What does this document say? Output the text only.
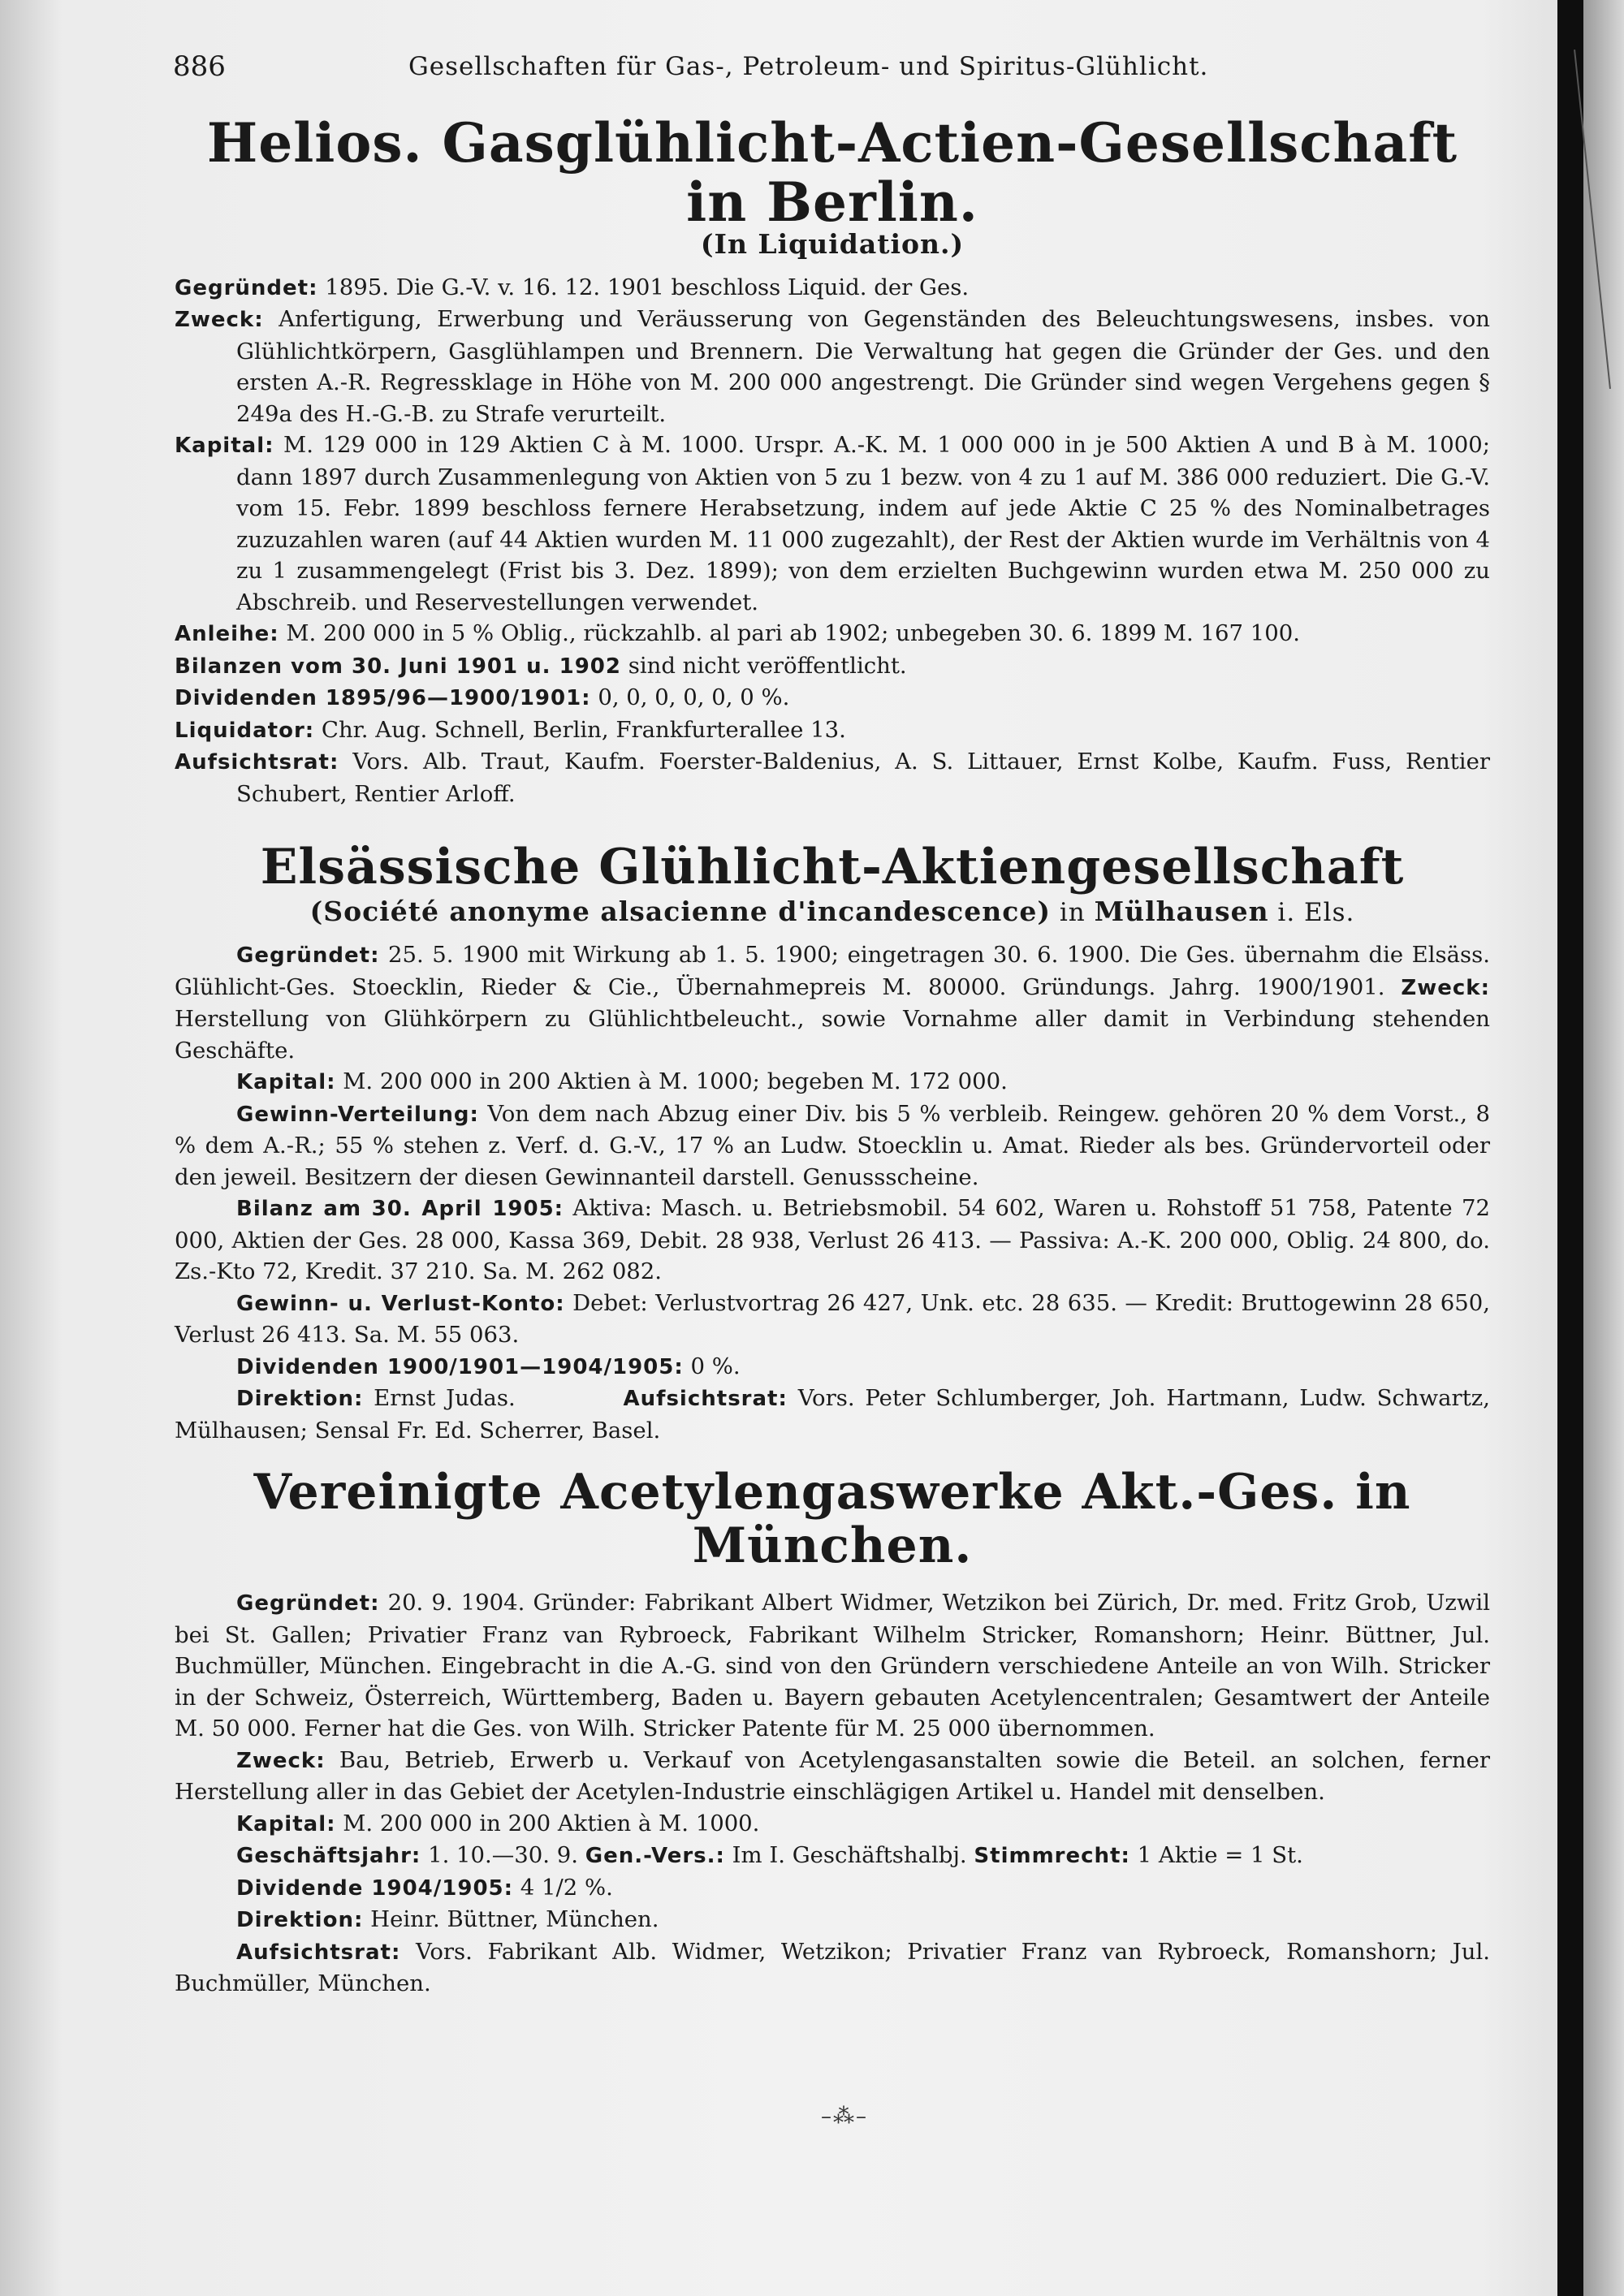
886	Gesellschaften für Gas-, Petroleum- und Spiritus-Glühlicht.
Helios. Gasglühlicht-Actien-Gesellschaft in Berlin.
(In Liquidation.)

Gegründet: 1895. Die G.-V. v. 16. 12. 1901 beschloss Liquid. der Ges.

Zweck: Anfertigung, Erwerbung und Veräusserung von Gegenständen des Beleuchtungswesens, insbes. von Glühlichtkörpern, Gasglühlampen und Brennern. Die Verwaltung hat gegen die Gründer der Ges. und den ersten A.-R. Regressklage in Höhe von M. 200 000 angestrengt. Die Gründer sind wegen Vergehens gegen § 249a des H.-G.-B. zu Strafe verurteilt.

Kapital: M. 129 000 in 129 Aktien C à M. 1000. Urspr. A.-K. M. 1 000 000 in je 500 Aktien A und B à M. 1000; dann 1897 durch Zusammenlegung von Aktien von 5 zu 1 bezw. von 4 zu 1 auf M. 386 000 reduziert. Die G.-V. vom 15. Febr. 1899 beschloss fernere Herabsetzung, indem auf jede Aktie C 25 % des Nominalbetrages zuzuzahlen waren (auf 44 Aktien wurden M. 11 000 zugezahlt), der Rest der Aktien wurde im Verhältnis von 4 zu 1 zusammengelegt (Frist bis 3. Dez. 1899); von dem erzielten Buchgewinn wurden etwa M. 250 000 zu Abschreib. und Reservestellungen verwendet.

Anleihe: M. 200 000 in 5 % Oblig., rückzahlb. al pari ab 1902; unbegeben 30. 6. 1899 M. 167 100.

Bilanzen vom 30. Juni 1901 u. 1902 sind nicht veröffentlicht.

Dividenden 1895/96—1900/1901: 0, 0, 0, 0, 0, 0 %.

Liquidator: Chr. Aug. Schnell, Berlin, Frankfurterallee 13.

Aufsichtsrat: Vors. Alb. Traut, Kaufm. Foerster-Baldenius, A. S. Littauer, Ernst Kolbe, Kaufm. Fuss, Rentier Schubert, Rentier Arloff.

Elsässische Glühlicht-Aktiengesellschaft
(Société anonyme alsacienne d'incandescence) in Mülhausen i. Els.

Gegründet: 25. 5. 1900 mit Wirkung ab 1. 5. 1900; eingetragen 30. 6. 1900. Die Ges. übernahm die Elsäss. Glühlicht-Ges. Stoecklin, Rieder & Cie., Übernahmepreis M. 80000. Gründungs. Jahrg. 1900/1901. Zweck: Herstellung von Glühkörpern zu Glühlichtbeleucht., sowie Vornahme aller damit in Verbindung stehenden Geschäfte.

Kapital: M. 200 000 in 200 Aktien à M. 1000; begeben M. 172 000.

Gewinn-Verteilung: Von dem nach Abzug einer Div. bis 5 % verbleib. Reingew. gehören 20 % dem Vorst., 8 % dem A.-R.; 55 % stehen z. Verf. d. G.-V., 17 % an Ludw. Stoecklin u. Amat. Rieder als bes. Gründervorteil oder den jeweil. Besitzern der diesen Gewinnanteil darstell. Genussscheine.

Bilanz am 30. April 1905: Aktiva: Masch. u. Betriebsmobil. 54 602, Waren u. Rohstoff 51 758, Patente 72 000, Aktien der Ges. 28 000, Kassa 369, Debit. 28 938, Verlust 26 413. — Passiva: A.-K. 200 000, Oblig. 24 800, do. Zs.-Kto 72, Kredit. 37 210. Sa. M. 262 082.

Gewinn- u. Verlust-Konto: Debet: Verlustvortrag 26 427, Unk. etc. 28 635. — Kredit: Bruttogewinn 28 650, Verlust 26 413. Sa. M. 55 063.

Dividenden 1900/1901—1904/1905: 0 %.

Direktion: Ernst Judas.	Aufsichtsrat: Vors. Peter Schlumberger, Joh. Hartmann, Ludw. Schwartz, Mülhausen; Sensal Fr. Ed. Scherrer, Basel.

Vereinigte Acetylengaswerke Akt.-Ges. in München.

Gegründet: 20. 9. 1904. Gründer: Fabrikant Albert Widmer, Wetzikon bei Zürich, Dr. med. Fritz Grob, Uzwil bei St. Gallen; Privatier Franz van Rybroeck, Fabrikant Wilhelm Stricker, Romanshorn; Heinr. Büttner, Jul. Buchmüller, München. Eingebracht in die A.-G. sind von den Gründern verschiedene Anteile an von Wilh. Stricker in der Schweiz, Österreich, Württemberg, Baden u. Bayern gebauten Acetylencentralen; Gesamtwert der Anteile M. 50 000. Ferner hat die Ges. von Wilh. Stricker Patente für M. 25 000 übernommen.

Zweck: Bau, Betrieb, Erwerb u. Verkauf von Acetylengasanstalten sowie die Beteil. an solchen, ferner Herstellung aller in das Gebiet der Acetylen-Industrie einschlägigen Artikel u. Handel mit denselben.

Kapital: M. 200 000 in 200 Aktien à M. 1000.

Geschäftsjahr: 1. 10.—30. 9. Gen.-Vers.: Im I. Geschäftshalbj. Stimmrecht: 1 Aktie = 1 St.

Dividende 1904/1905: 4 1/2 %.

Direktion: Heinr. Büttner, München.

Aufsichtsrat: Vors. Fabrikant Alb. Widmer, Wetzikon; Privatier Franz van Rybroeck, Romanshorn; Jul. Buchmüller, München.

–⁂–
